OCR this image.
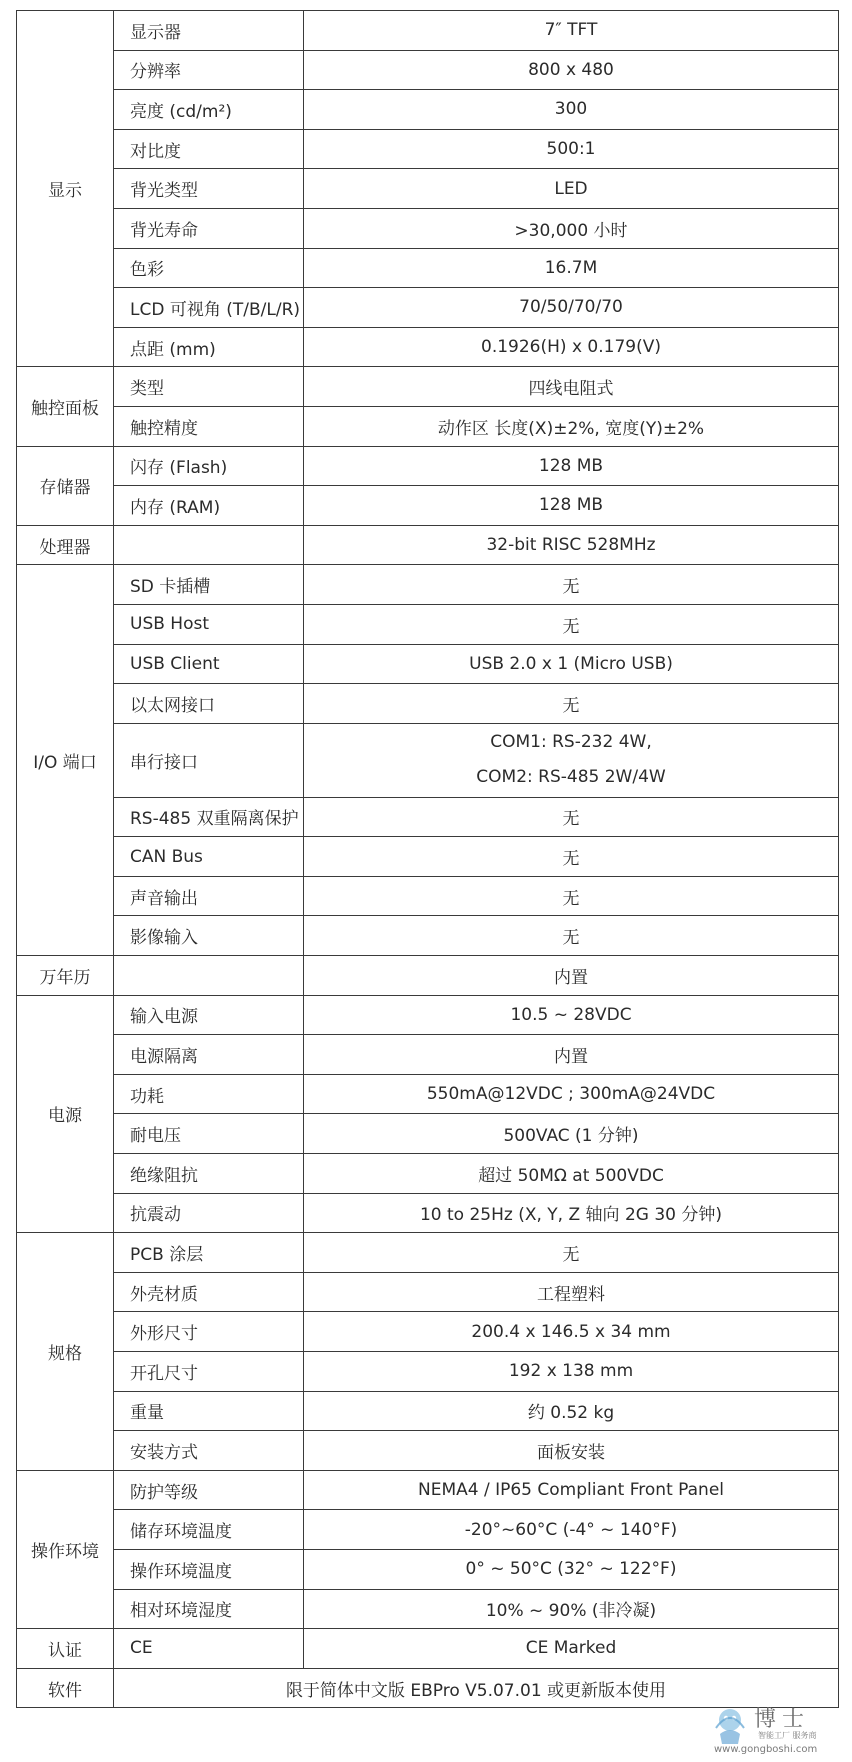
显示	显示器	7″ TFT
	分辨率	800 x 480
	亮度 (cd/m²)	300
	对比度	500:1
	背光类型	LED
	背光寿命	>30,000 小时
	色彩	16.7M
	LCD 可视角 (T/B/L/R)	70/50/70/70
	点距 (mm)	0.1926(H) x 0.179(V)
触控面板	类型	四线电阻式
	触控精度	动作区 长度(X)±2%, 宽度(Y)±2%
存储器	闪存 (Flash)	128 MB
	内存 (RAM)	128 MB
处理器		32-bit RISC 528MHz
I/O 端口	SD 卡插槽	无
	USB Host	无
	USB Client	USB 2.0 x 1 (Micro USB)
	以太网接口	无
	串行接口	COM1: RS-232 4W,
COM2: RS-485 2W/4W

	RS-485 双重隔离保护	无
	CAN Bus	无
	声音输出	无
	影像输入	无
万年历		内置
电源	输入电源	10.5 ~ 28VDC
	电源隔离	内置
	功耗	550mA@12VDC ; 300mA@24VDC
	耐电压	500VAC (1 分钟)
	绝缘阻抗	超过 50MΩ at 500VDC
	抗震动	10 to 25Hz (X, Y, Z 轴向 2G 30 分钟)
规格	PCB 涂层	无
	外壳材质	工程塑料
	外形尺寸	200.4 x 146.5 x 34 mm
	开孔尺寸	192 x 138 mm
	重量	约 0.52 kg
	安装方式	面板安装
操作环境	防护等级	NEMA4 / IP65 Compliant Front Panel
	储存环境温度	-20°~60°C (-4° ~ 140°F)
	操作环境温度	0° ~ 50°C (32° ~ 122°F)
	相对环境湿度	10% ~ 90% (非冷凝)
认证	CE	CE Marked
软件	限于简体中文版 EBPro V5.07.01 或更新版本使用	
博士
智能工厂 服务商
www.gongboshi.com
